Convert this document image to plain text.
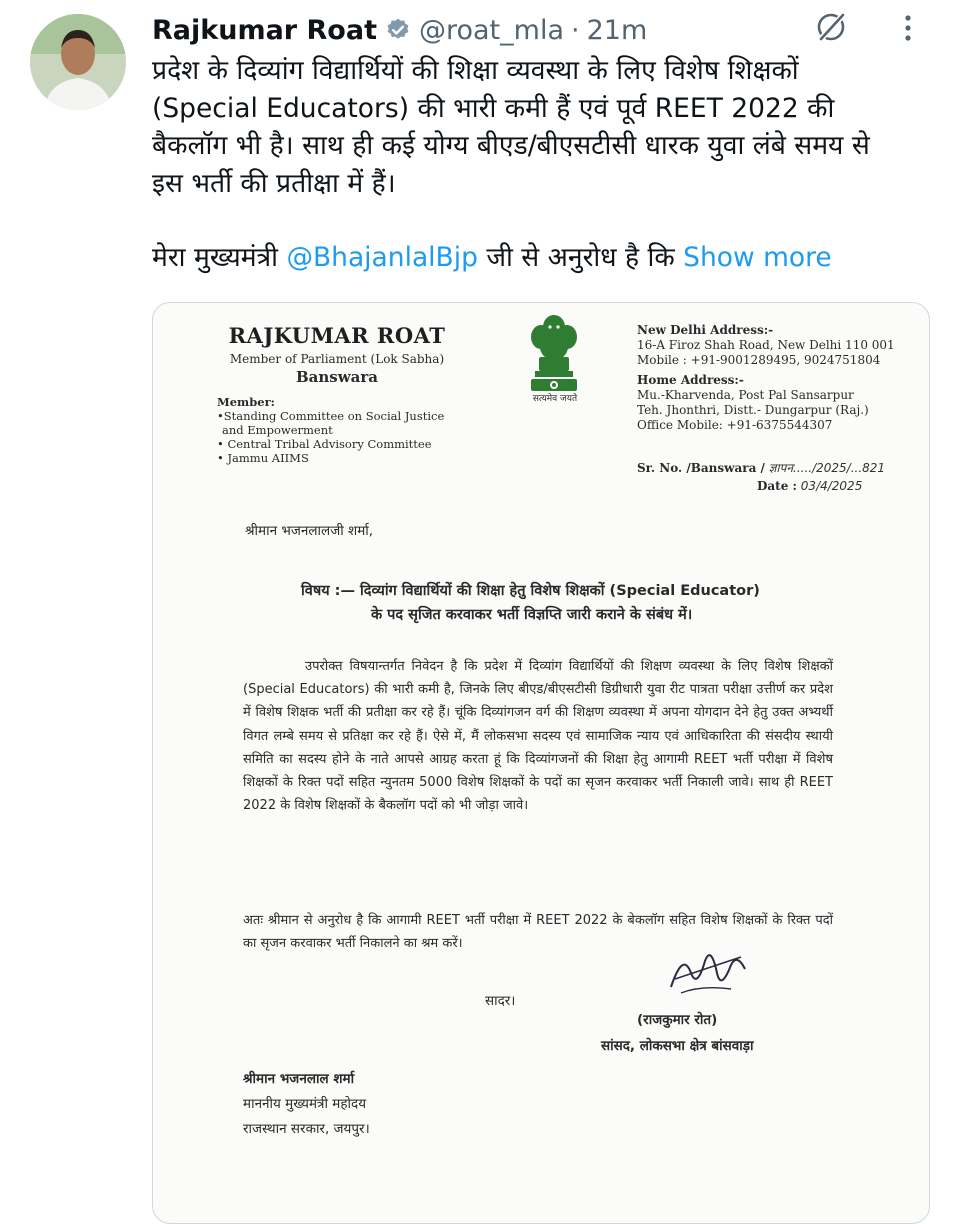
Rajkumar Roat @roat_mla · 21m

प्रदेश के दिव्यांग विद्यार्थियों की शिक्षा व्यवस्था के लिए विशेष शिक्षकों
(Special Educators) की भारी कमी हैं एवं पूर्व REET 2022 की
बैकलॉग भी है। साथ ही कई योग्य बीएड/बीएसटीसी धारक युवा लंबे समय से
इस भर्ती की प्रतीक्षा में हैं।

मेरा मुख्यमंत्री @BhajanlalBjp जी से अनुरोध है कि Show more

RAJKUMAR ROAT
Member of Parliament (Lok Sabha)
Banswara
Member:
•Standing Committee on Social Justice
and Empowerment
• Central Tribal Advisory Committee
• Jammu AIIMS
सत्यमेव जयते
New Delhi Address:-
16-A Firoz Shah Road, New Delhi 110 001
Mobile : +91-9001289495, 9024751804
Home Address:-
Mu.-Kharvenda, Post Pal Sansarpur
Teh. Jhonthri, Distt.- Dungarpur (Raj.)
Office Mobile: +91-6375544307
Sr. No. /Banswara / ज्ञापन...../2025/...821
Date : 03/4/2025
श्रीमान भजनलालजी शर्मा,
विषय :— दिव्यांग विद्यार्थियों की शिक्षा हेतु विशेष शिक्षकों (Special Educator)
के पद सृजित करवाकर भर्ती विज्ञप्ति जारी कराने के संबंध में।
उपरोक्त विषयान्तर्गत निवेदन है कि प्रदेश में दिव्यांग विद्यार्थियों की शिक्षण व्यवस्था के लिए विशेष शिक्षकों (Special Educators) की भारी कमी है, जिनके लिए बीएड/बीएसटीसी डिग्रीधारी युवा रीट पात्रता परीक्षा उत्तीर्ण कर प्रदेश में विशेष शिक्षक भर्ती की प्रतीक्षा कर रहे हैं। चूंकि दिव्यांगजन वर्ग की शिक्षण व्यवस्था में अपना योगदान देने हेतु उक्त अभ्यर्थी विगत लम्बे समय से प्रतिक्षा कर रहे हैं। ऐसे में, मैं लोकसभा सदस्य एवं सामाजिक न्याय एवं आधिकारिता की संसदीय स्थायी समिति का सदस्य होने के नाते आपसे आग्रह करता हूं कि दिव्यांगजनों की शिक्षा हेतु आगामी REET भर्ती परीक्षा में विशेष शिक्षकों के रिक्त पदों सहित न्युनतम 5000 विशेष शिक्षकों के पदों का सृजन करवाकर भर्ती निकाली जावे। साथ ही REET 2022 के विशेष शिक्षकों के बैकलॉग पदों को भी जोड़ा जावे।
अतः श्रीमान से अनुरोध है कि आगामी REET भर्ती परीक्षा में REET 2022 के बेकलॉग सहित विशेष शिक्षकों के रिक्त पदों का सृजन करवाकर भर्ती निकालने का श्रम करें।
सादर।
(राजकुमार रोत)
सांसद, लोकसभा क्षेत्र बांसवाड़ा
श्रीमान भजनलाल शर्मा
माननीय मुख्यमंत्री महोदय
राजस्थान सरकार, जयपुर।
